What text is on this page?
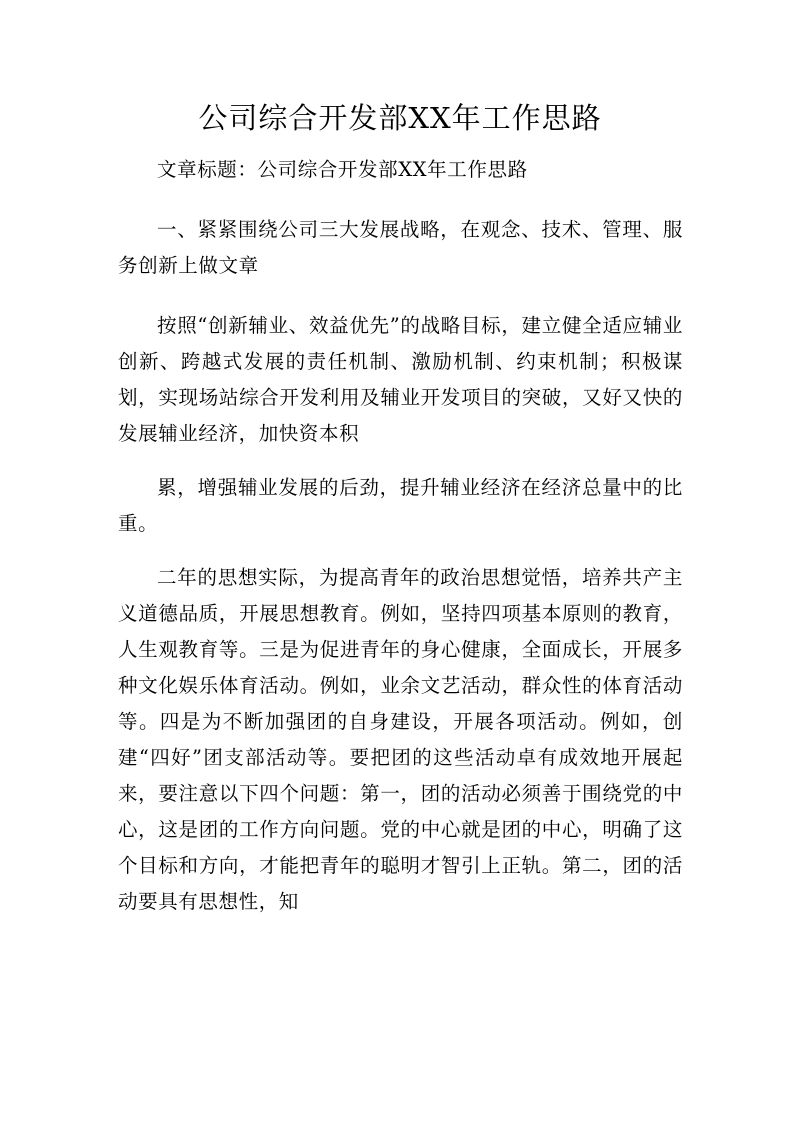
公司综合开发部XX年工作思路

文章标题：公司综合开发部XX年工作思路

一、紧紧围绕公司三大发展战略，在观念、技术、管理、服务创新上做文章

按照“创新辅业、效益优先”的战略目标，建立健全适应辅业创新、跨越式发展的责任机制、激励机制、约束机制；积极谋划，实现场站综合开发利用及辅业开发项目的突破，又好又快的发展辅业经济，加快资本积

累，增强辅业发展的后劲，提升辅业经济在经济总量中的比重。

二年的思想实际，为提高青年的政治思想觉悟，培养共产主义道德品质，开展思想教育。例如，坚持四项基本原则的教育，人生观教育等。三是为促进青年的身心健康，全面成长，开展多种文化娱乐体育活动。例如，业余文艺活动，群众性的体育活动等。四是为不断加强团的自身建设，开展各项活动。例如，创建“四好”团支部活动等。要把团的这些活动卓有成效地开展起来，要注意以下四个问题：第一，团的活动必须善于围绕党的中心，这是团的工作方向问题。党的中心就是团的中心，明确了这个目标和方向，才能把青年的聪明才智引上正轨。第二，团的活动要具有思想性，知
